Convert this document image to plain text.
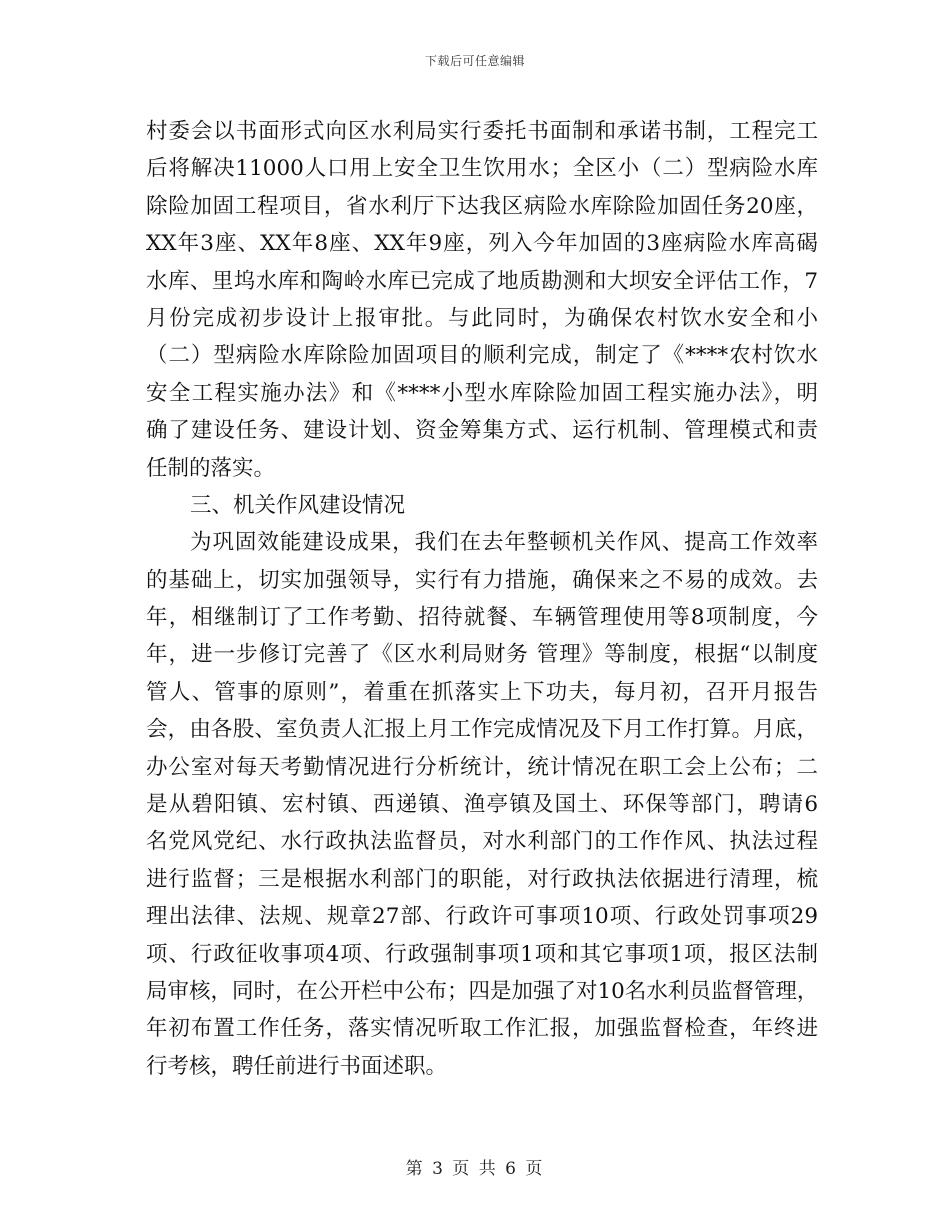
下载后可任意编辑
村委会以书面形式向区水利局实行委托书面制和承诺书制，工程完工
后将解决11000人口用上安全卫生饮用水；全区小（二）型病险水库
除险加固工程项目，省水利厅下达我区病险水库除险加固任务20座，
XX年3座、XX年8座、XX年9座，列入今年加固的3座病险水库高碣
水库、里坞水库和陶岭水库已完成了地质勘测和大坝安全评估工作，7
月份完成初步设计上报审批。与此同时，为确保农村饮水安全和小
（二）型病险水库除险加固项目的顺利完成，制定了《****农村饮水
安全工程实施办法》和《****小型水库除险加固工程实施办法》，明
确了建设任务、建设计划、资金筹集方式、运行机制、管理模式和责
任制的落实。
三、机关作风建设情况
为巩固效能建设成果，我们在去年整顿机关作风、提高工作效率
的基础上，切实加强领导，实行有力措施，确保来之不易的成效。去
年，相继制订了工作考勤、招待就餐、车辆管理使用等8项制度，今
年，进一步修订完善了《区水利局财务 管理》等制度，根据“以制度
管人、管事的原则”，着重在抓落实上下功夫，每月初，召开月报告
会，由各股、室负责人汇报上月工作完成情况及下月工作打算。月底，
办公室对每天考勤情况进行分析统计，统计情况在职工会上公布；二
是从碧阳镇、宏村镇、西递镇、渔亭镇及国土、环保等部门，聘请6
名党风党纪、水行政执法监督员，对水利部门的工作作风、执法过程
进行监督；三是根据水利部门的职能，对行政执法依据进行清理，梳
理出法律、法规、规章27部、行政许可事项10项、行政处罚事项29
项、行政征收事项4项、行政强制事项1项和其它事项1项，报区法制
局审核，同时，在公开栏中公布；四是加强了对10名水利员监督管理，
年初布置工作任务，落实情况听取工作汇报，加强监督检查，年终进
行考核，聘任前进行书面述职。
第 3 页 共 6 页
